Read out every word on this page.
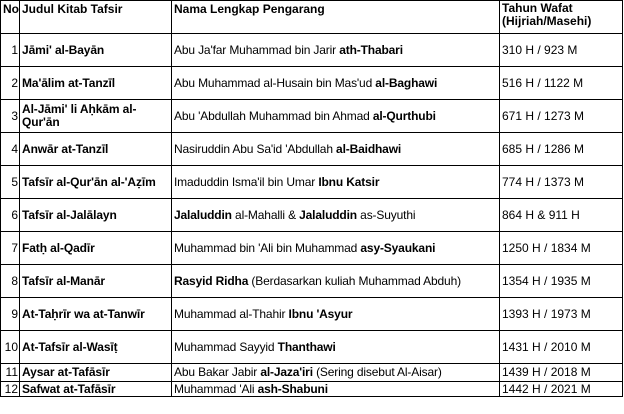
No	Judul Kitab Tafsir	Nama Lengkap Pengarang	Tahun Wafat (Hijriah/Masehi)
1	Jāmi' al-Bayān	Abu Ja'far Muhammad bin Jarir ath-Thabari	310 H / 923 M
2	Ma'ālim at-Tanzīl	Abu Muhammad al-Husain bin Mas'ud al-Baghawi	516 H / 1122 M
3	Al-Jāmi' li Aḥkām al-Qur'ān	Abu 'Abdullah Muhammad bin Ahmad al-Qurthubi	671 H / 1273 M
4	Anwār at-Tanzīl	Nasiruddin Abu Sa'id 'Abdullah al-Baidhawi	685 H / 1286 M
5	Tafsīr al-Qur'ān al-'Aẓīm	Imaduddin Isma'il bin Umar Ibnu Katsir	774 H / 1373 M
6	Tafsīr al-Jalālayn	Jalaluddin al-Mahalli & Jalaluddin as-Suyuthi	864 H & 911 H
7	Fatḥ al-Qadīr	Muhammad bin 'Ali bin Muhammad asy-Syaukani	1250 H / 1834 M
8	Tafsīr al-Manār	Rasyid Ridha (Berdasarkan kuliah Muhammad Abduh)	1354 H / 1935 M
9	At-Taḥrīr wa at-Tanwīr	Muhammad al-Thahir Ibnu 'Asyur	1393 H / 1973 M
10	At-Tafsīr al-Wasīṭ	Muhammad Sayyid Thanthawi	1431 H / 2010 M
11	Aysar at-Tafāsīr	Abu Bakar Jabir al-Jaza'iri (Sering disebut Al-Aisar)	1439 H / 2018 M
12	Safwat at-Tafāsīr	Muhammad 'Ali ash-Shabuni	1442 H / 2021 M
